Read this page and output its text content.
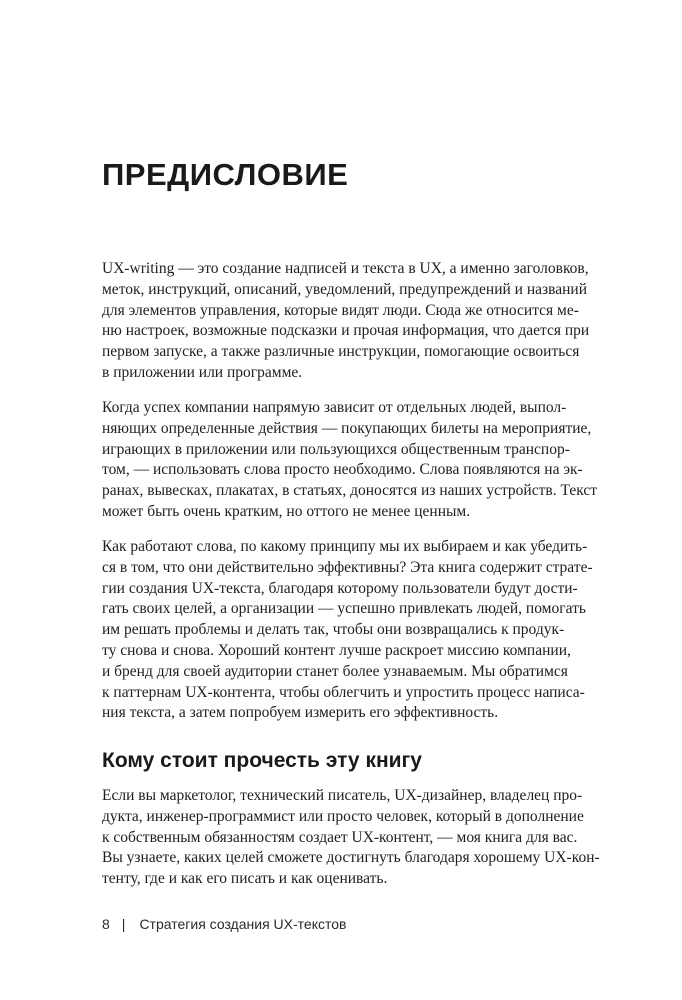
ПРЕДИСЛОВИЕ
UX-writing — это создание надписей и текста в UX, а именно заголовков,
меток, инструкций, описаний, уведомлений, предупреждений и названий
для элементов управления, которые видят люди. Сюда же относится ме-
ню настроек, возможные подсказки и прочая информация, что дается при
первом запуске, а также различные инструкции, помогающие освоиться
в приложении или программе.
Когда успех компании напрямую зависит от отдельных людей, выпол-
няющих определенные действия — покупающих билеты на мероприятие,
играющих в приложении или пользующихся общественным транспор-
том, — использовать слова просто необходимо. Слова появляются на эк-
ранах, вывесках, плакатах, в статьях, доносятся из наших устройств. Текст
может быть очень кратким, но оттого не менее ценным.
Как работают слова, по какому принципу мы их выбираем и как убедить-
ся в том, что они действительно эффективны? Эта книга содержит страте-
гии создания UX-текста, благодаря которому пользователи будут дости-
гать своих целей, а организации — успешно привлекать людей, помогать
им решать проблемы и делать так, чтобы они возвращались к продук-
ту снова и снова. Хороший контент лучше раскроет миссию компании,
и бренд для своей аудитории станет более узнаваемым. Мы обратимся
к паттернам UX-контента, чтобы облегчить и упростить процесс написа-
ния текста, а затем попробуем измерить его эффективность.
Кому стоит прочесть эту книгу
Если вы маркетолог, технический писатель, UX-дизайнер, владелец про-
дукта, инженер-программист или просто человек, который в дополнение
к собственным обязанностям создает UX-контент, — моя книга для вас.
Вы узнаете, каких целей сможете достигнуть благодаря хорошему UX-кон-
тенту, где и как его писать и как оценивать.
8 | Стратегия создания UX-текстов
